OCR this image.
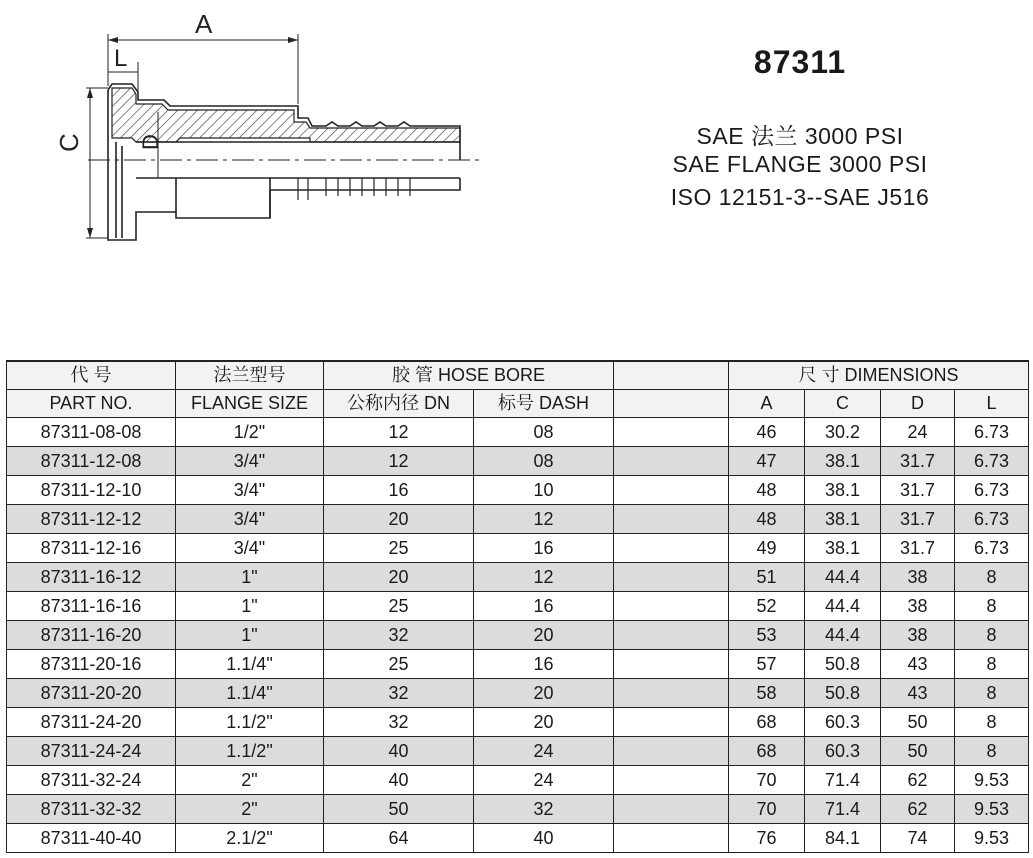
A
L
C D
87311
SAE 法兰 3000 PSI
SAE FLANGE 3000 PSI
ISO 12151-3--SAE J516
代 号	法兰型号	胶 管 HOSE BORE			尺 寸 DIMENSIONS			
PART NO.	FLANGE SIZE	公称内径 DN	标号 DASH		A	C	D	L
87311-08-08	1/2"	12	08		46	30.2	24	6.73
87311-12-08	3/4"	12	08		47	38.1	31.7	6.73
87311-12-10	3/4"	16	10		48	38.1	31.7	6.73
87311-12-12	3/4"	20	12		48	38.1	31.7	6.73
87311-12-16	3/4"	25	16		49	38.1	31.7	6.73
87311-16-12	1"	20	12		51	44.4	38	8
87311-16-16	1"	25	16		52	44.4	38	8
87311-16-20	1"	32	20		53	44.4	38	8
87311-20-16	1.1/4"	25	16		57	50.8	43	8
87311-20-20	1.1/4"	32	20		58	50.8	43	8
87311-24-20	1.1/2"	32	20		68	60.3	50	8
87311-24-24	1.1/2"	40	24		68	60.3	50	8
87311-32-24	2"	40	24		70	71.4	62	9.53
87311-32-32	2"	50	32		70	71.4	62	9.53
87311-40-40	2.1/2"	64	40		76	84.1	74	9.53
